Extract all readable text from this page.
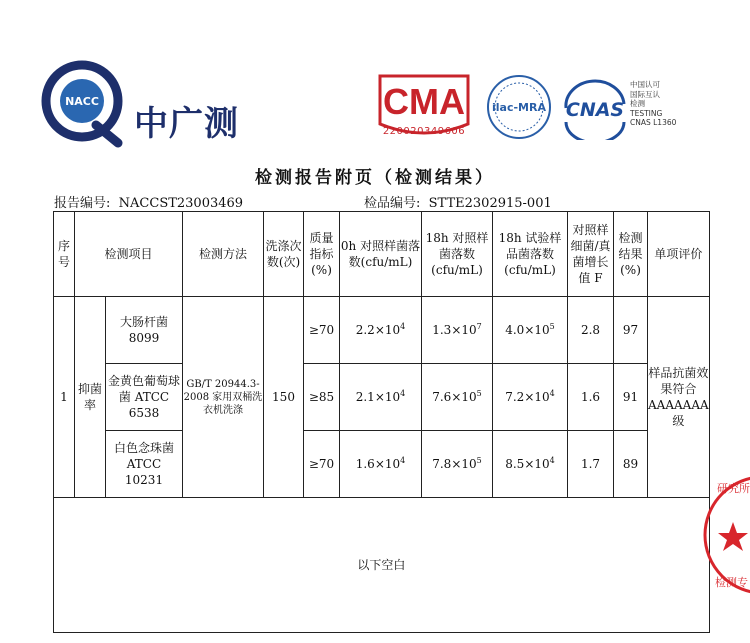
NACC
中广测
CMA
220020349606
ilac-MRA CNAS
中国认可
国际互认
检测
TESTING
CNAS L1360
检测报告附页（检测结果）
报告编号: NACCST23003469	检品编号: STTE2302915-001
序号	检测项目		检测方法	洗涤次数(次)	质量指标(%)	0h 对照样菌落数(cfu/mL)	18h 对照样菌落数(cfu/mL)	18h 试验样品菌落数(cfu/mL)	对照样细菌/真菌增长值 F	检测结果(%)	单项评价
1	抑菌率	大肠杆菌 8099	GB/T 20944.3-2008 家用双桶洗衣机洗涤	150	≥70	$2.2\times 10^4$	$1.3\times 10^7$	$4.0\times 10^5$	2.8	97	样品抗菌效果符合AAAAAAA级
		金黄色葡萄球菌 ATCC 6538			≥85	$2.1\times 10^4$	$7.6\times 10^5$	$7.2\times 10^4$	1.6	91	
		白色念珠菌 ATCC 10231			≥70	$1.6\times 10^4$	$7.8\times 10^5$	$8.5\times 10^4$	1.7	89	
以下空白											
研究所
检测专
